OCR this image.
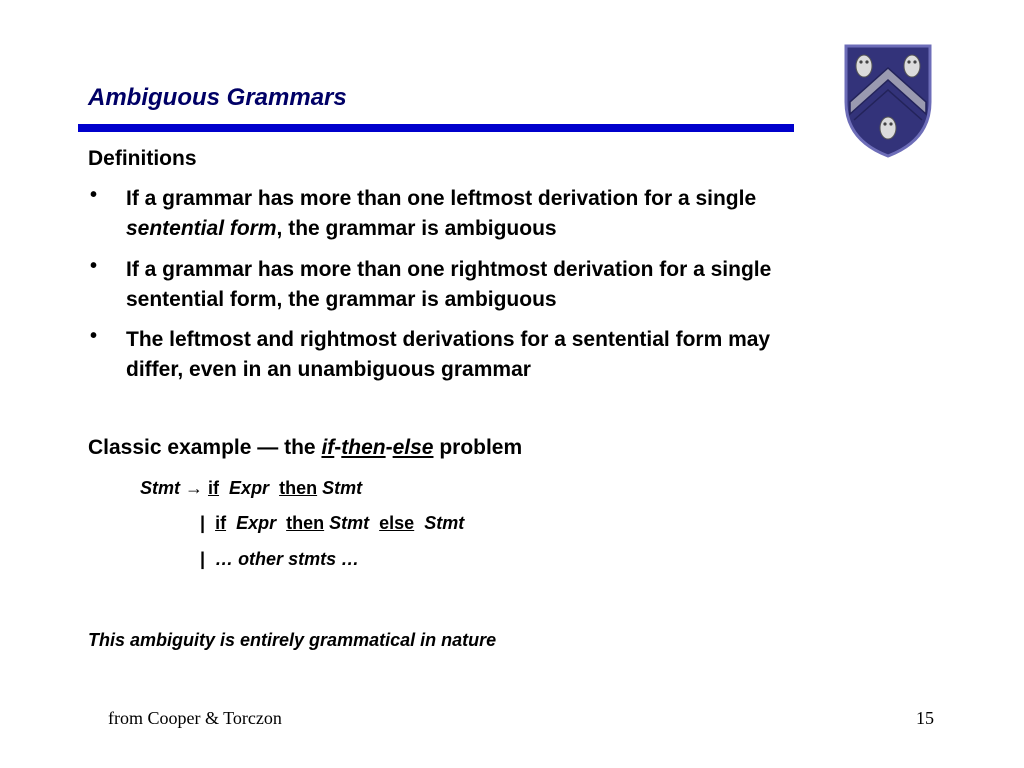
Ambiguous Grammars
Definitions
• If a grammar has more than one leftmost derivation for a single
sentential form, the grammar is ambiguous
• If a grammar has more than one rightmost derivation for a single
sentential form, the grammar is ambiguous
• The leftmost and rightmost derivations for a sentential form may
differ, even in an unambiguous grammar
Classic example — the if-then-else problem
Stmt → if Expr then Stmt
| if Expr then Stmt else Stmt
| … other stmts …
This ambiguity is entirely grammatical in nature
from Cooper & Torczon	15
